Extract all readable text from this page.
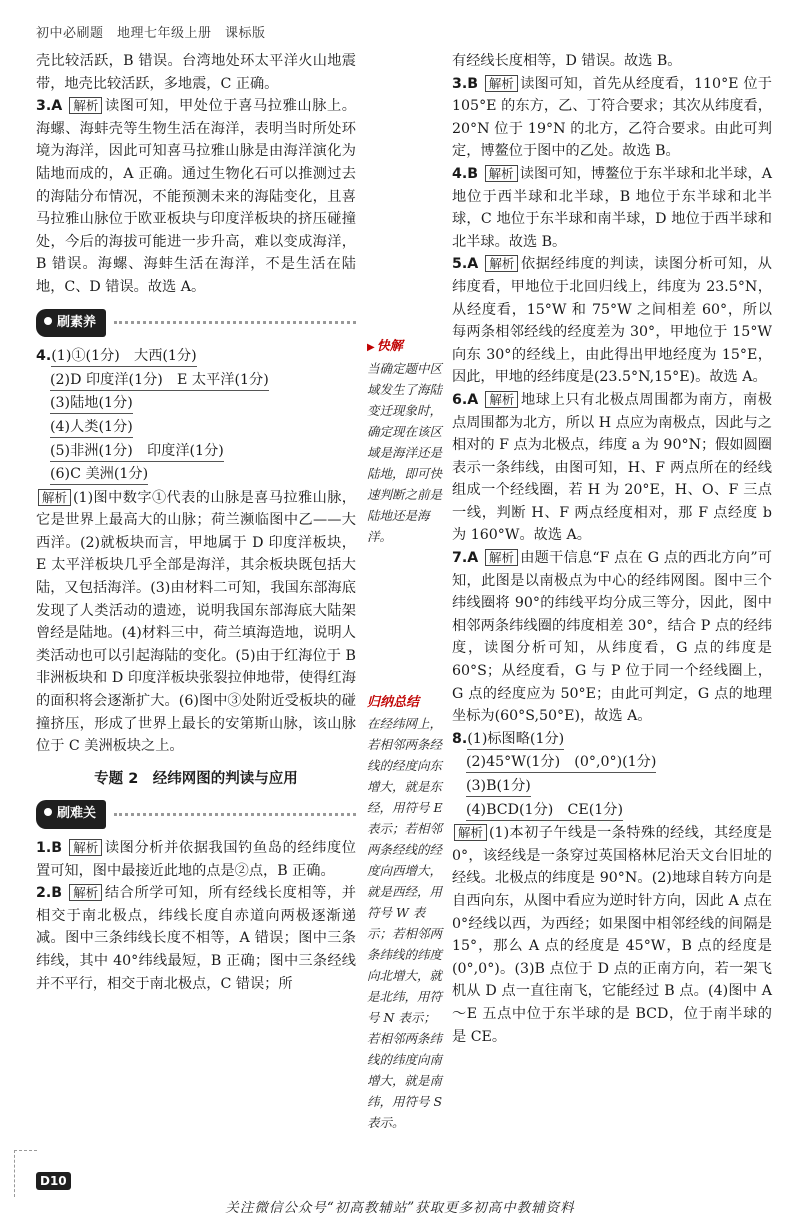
初中必刷题　地理七年级上册　课标版

壳比较活跃，B 错误。台湾地处环太平洋火山地震带，地壳比较活跃，多地震，C 正确。

3.A 解析 读图可知，甲处位于喜马拉雅山脉上。海螺、海蚌壳等生物生活在海洋，表明当时所处环境为海洋，因此可知喜马拉雅山脉是由海洋演化为陆地而成的，A 正确。通过生物化石可以推测过去的海陆分布情况，不能预测未来的海陆变化，且喜马拉雅山脉位于欧亚板块与印度洋板块的挤压碰撞处，今后的海拔可能进一步升高，难以变成海洋，B 错误。海螺、海蚌生活在海洋，不是生活在陆地，C、D 错误。故选 A。

刷素养
4.(1)①(1分)　大西(1分)
(2)D 印度洋(1分)　E 太平洋(1分)
(3)陆地(1分)
(4)人类(1分)
(5)非洲(1分)　印度洋(1分)
(6)C 美洲(1分)

解析 (1)图中数字①代表的山脉是喜马拉雅山脉，它是世界上最高大的山脉；荷兰濒临图中乙——大西洋。(2)就板块而言，甲地属于 D 印度洋板块，E 太平洋板块几乎全部是海洋，其余板块既包括大陆，又包括海洋。(3)由材料二可知，我国东部海底发现了人类活动的遗迹，说明我国东部海底大陆架曾经是陆地。(4)材料三中，荷兰填海造地，说明人类活动也可以引起海陆的变化。(5)由于红海位于 B 非洲板块和 D 印度洋板块张裂拉伸地带，使得红海的面积将会逐渐扩大。(6)图中③处附近受板块的碰撞挤压，形成了世界上最长的安第斯山脉，该山脉位于 C 美洲板块之上。

专题 2　经纬网图的判读与应用
刷难关

1.B 解析 读图分析并依据我国钓鱼岛的经纬度位置可知，图中最接近此地的点是②点，B 正确。

2.B 解析 结合所学可知，所有经线长度相等，并相交于南北极点，纬线长度自赤道向两极逐渐递减。图中三条纬线长度不相等，A 错误；图中三条纬线，其中 40°纬线最短，B 正确；图中三条经线并不平行，相交于南北极点，C 错误；所

▶ 快解
当确定题中区域发生了海陆变迁现象时，确定现在该区域是海洋还是陆地，即可快速判断之前是陆地还是海洋。
归纳总结
在经纬网上，若相邻两条经线的经度向东增大，就是东经，用符号 E 表示；若相邻两条经线的经度向西增大，就是西经，用符号 W 表示；若相邻两条纬线的纬度向北增大，就是北纬，用符号 N 表示；若相邻两条纬线的纬度向南增大，就是南纬，用符号 S 表示。

有经线长度相等，D 错误。故选 B。

3.B 解析 读图可知，首先从经度看，110°E 位于 105°E 的东方，乙、丁符合要求；其次从纬度看，20°N 位于 19°N 的北方，乙符合要求。由此可判定，博鳌位于图中的乙处。故选 B。

4.B 解析 读图可知，博鳌位于东半球和北半球，A 地位于西半球和北半球，B 地位于东半球和北半球，C 地位于东半球和南半球，D 地位于西半球和北半球。故选 B。

5.A 解析 依据经纬度的判读，读图分析可知，从纬度看，甲地位于北回归线上，纬度为 23.5°N，从经度看，15°W 和 75°W 之间相差 60°，所以每两条相邻经线的经度差为 30°，甲地位于 15°W 向东 30°的经线上，由此得出甲地经度为 15°E，因此，甲地的经纬度是(23.5°N,15°E)。故选 A。

6.A 解析 地球上只有北极点周围都为南方，南极点周围都为北方，所以 H 点应为南极点，因此与之相对的 F 点为北极点，纬度 a 为 90°N；假如圆圈表示一条纬线，由图可知，H、F 两点所在的经线组成一个经线圈，若 H 为 20°E，H、O、F 三点一线，判断 H、F 两点经度相对，那 F 点经度 b 为 160°W。故选 A。

7.A 解析 由题干信息“F 点在 G 点的西北方向”可知，此图是以南极点为中心的经纬网图。图中三个纬线圈将 90°的纬线平均分成三等分，因此，图中相邻两条纬线圈的纬度相差 30°，结合 P 点的经纬度，读图分析可知，从纬度看，G 点的纬度是 60°S；从经度看，G 与 P 位于同一个经线圈上，G 点的经度应为 50°E；由此可判定，G 点的地理坐标为(60°S,50°E)，故选 A。

8.(1)标图略(1分)
(2)45°W(1分)　(0°,0°)(1分)
(3)B(1分)
(4)BCD(1分)　CE(1分)

解析 (1)本初子午线是一条特殊的经线，其经度是 0°，该经线是一条穿过英国格林尼治天文台旧址的经线。北极点的纬度是 90°N。(2)地球自转方向是自西向东，从图中看应为逆时针方向，因此 A 点在 0°经线以西，为西经；如果图中相邻经线的间隔是 15°，那么 A 点的经度是 45°W，B 点的经度是(0°,0°)。(3)B 点位于 D 点的正南方向，若一架飞机从 D 点一直往南飞，它能经过 B 点。(4)图中 A～E 五点中位于东半球的是 BCD，位于南半球的是 CE。

D10
关注微信公众号“初高教辅站”获取更多初高中教辅资料
